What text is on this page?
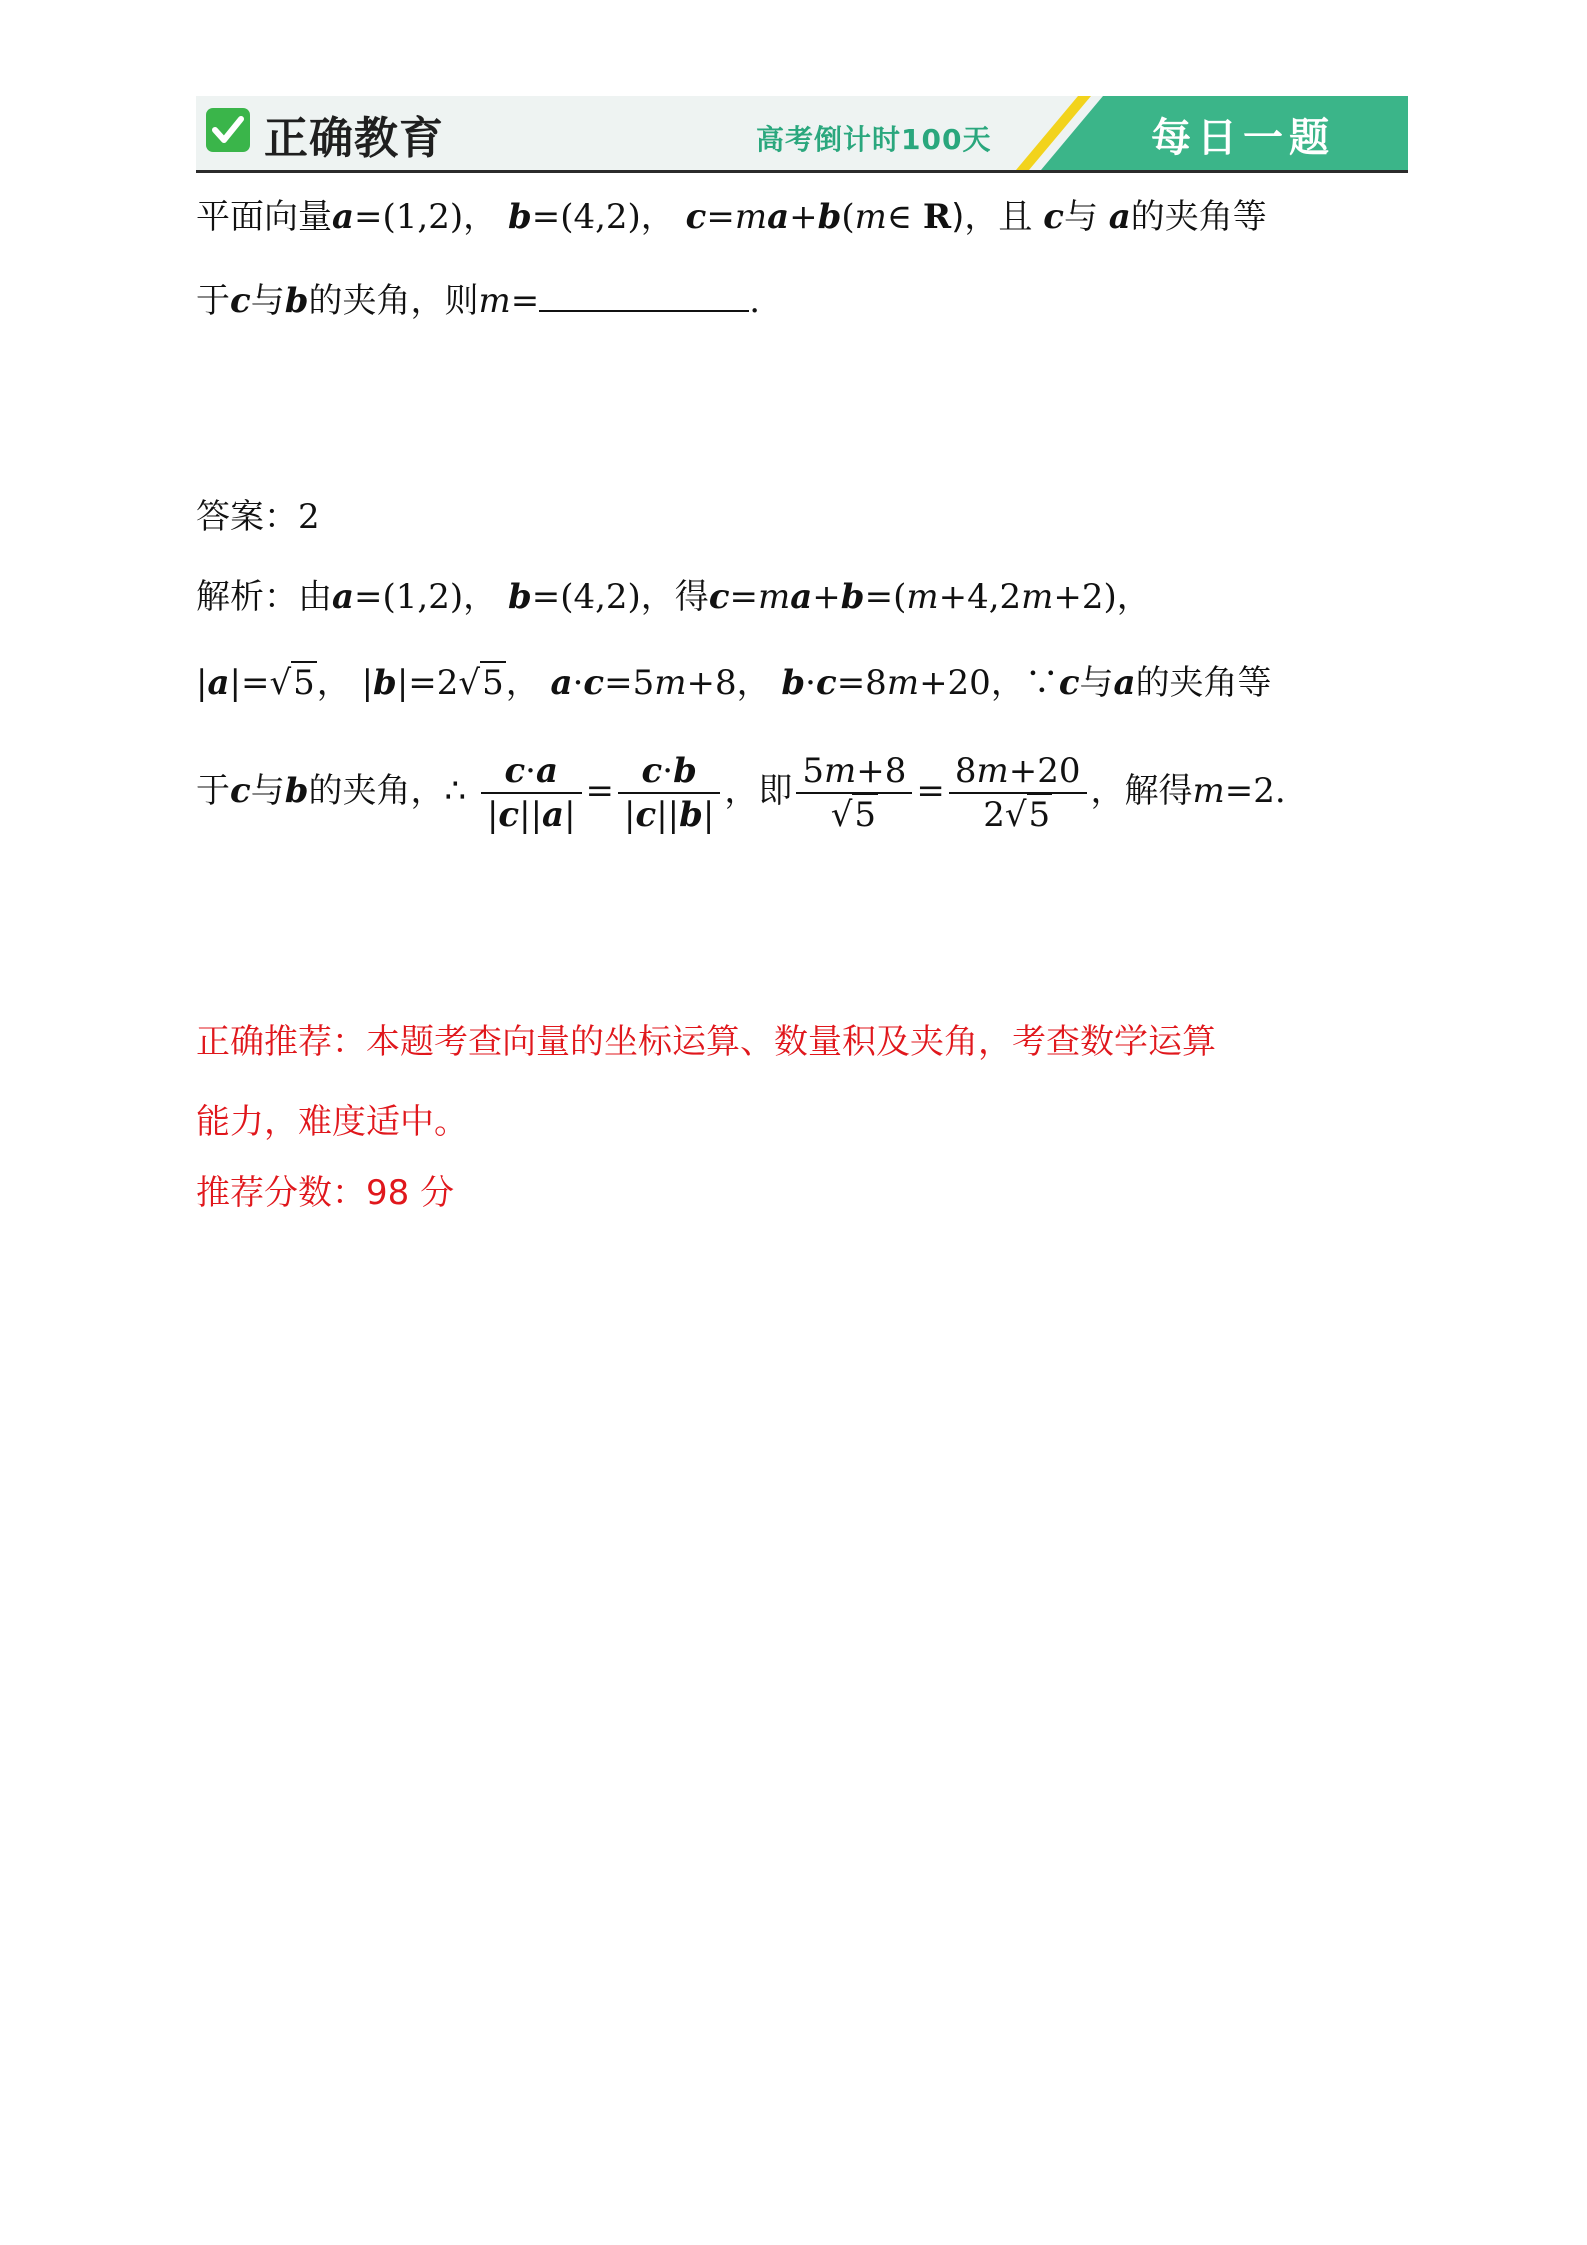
正确教育	高考倒计时100天	每日一题
平面向量a=(1,2)， b=(4,2)， c=ma+b(m∈ R)，且 c与 a的夹角等
于c与b的夹角，则m=	.
答案：2
解析：由a=(1,2)， b=(4,2)，得c=ma+b=(m+4,2m+2)，
|a|=√5， |b|=2√5， a·c=5m+8， b·c=8m+20，∵c与a的夹角等
于c与b的夹角，∴ $\frac{c\cdot a}{|c||a|} = \frac{c\cdot b}{|c||b|}$ ，即 $\frac{5m+8}{√5} = \frac{8m+20}{2√5}$ ，解得m=2.
正确推荐：本题考查向量的坐标运算、数量积及夹角，考查数学运算
能力，难度适中。
推荐分数：98 分
